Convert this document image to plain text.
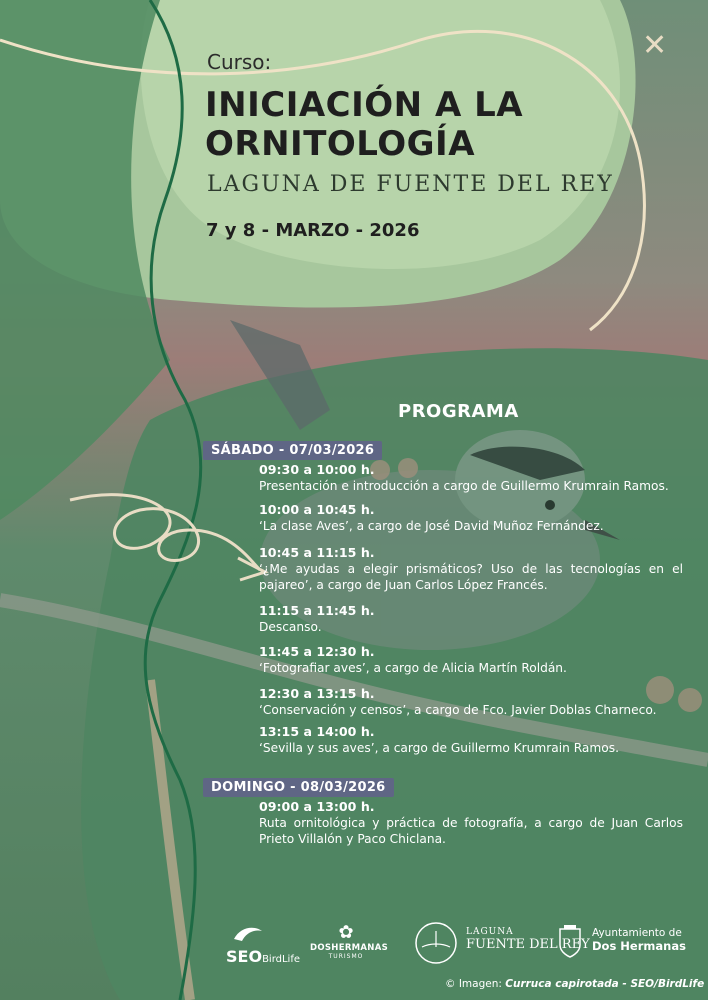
✕
Curso:
INICIACIÓN A LA
ORNITOLOGÍA
LAGUNA DE FUENTE DEL REY
7 y 8 - MARZO - 2026
PROGRAMA
SÁBADO - 07/03/2026
09:30 a 10:00 h.
Presentación e introducción a cargo de Guillermo Krumrain Ramos.
10:00 a 10:45 h.
‘La clase Aves’, a cargo de José David Muñoz Fernández.
10:45 a 11:15 h.
‘¿Me ayudas a elegir prismáticos? Uso de las tecnologías en el pajareo’, a cargo de Juan Carlos López Francés.
11:15 a 11:45 h.
Descanso.
11:45 a 12:30 h.
‘Fotografiar aves’, a cargo de Alicia Martín Roldán.
12:30 a 13:15 h.
‘Conservación y censos’, a cargo de Fco. Javier Doblas Charneco.
13:15 a 14:00 h.
‘Sevilla y sus aves’, a cargo de Guillermo Krumrain Ramos.
DOMINGO - 08/03/2026
09:00 a 13:00 h.
Ruta ornitológica y práctica de fotografía, a cargo de Juan Carlos Prieto Villalón y Paco Chiclana.
SEOBirdLife
✿
DOSHERMANAS
TURISMO
LAGUNA
FUENTE DEL REY
Ayuntamiento de
Dos Hermanas
© Imagen: Curruca capirotada - SEO/BirdLife
